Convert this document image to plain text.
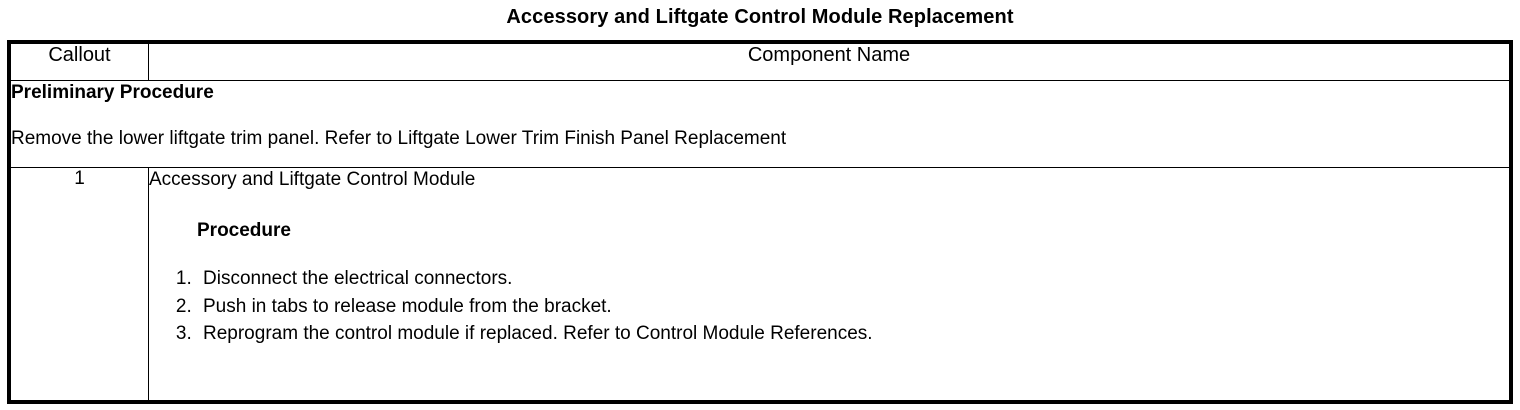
Accessory and Liftgate Control Module Replacement
Callout	Component Name

Preliminary Procedure
Remove the lower liftgate trim panel. Refer to Liftgate Lower Trim Finish Panel Replacement	

1	Accessory and Liftgate Control Module
Procedure
1. Disconnect the electrical connectors.
2. Push in tabs to release module from the bracket.
3. Reprogram the control module if replaced. Refer to Control Module References.
